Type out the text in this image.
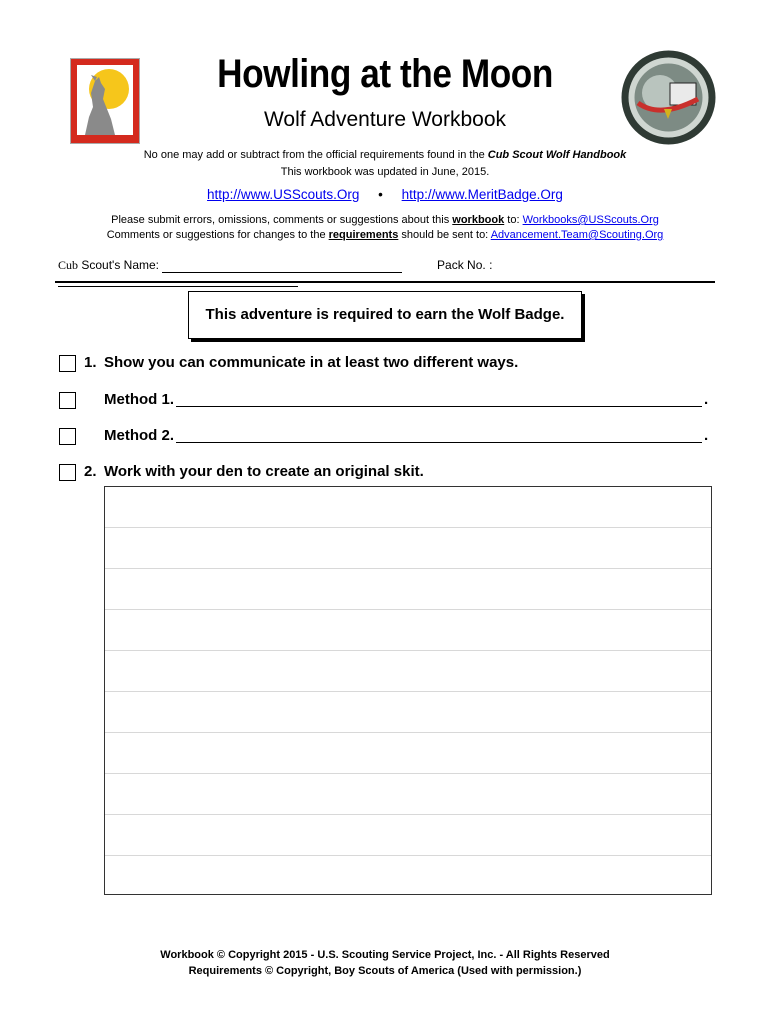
Howling at the Moon
Wolf Adventure Workbook
No one may add or subtract from the official requirements found in the Cub Scout Wolf Handbook
This workbook was updated in June, 2015.
http://www.USScouts.Org • http://www.MeritBadge.Org
Please submit errors, omissions, comments or suggestions about this workbook to: Workbooks@USScouts.Org
Comments or suggestions for changes to the requirements should be sent to: Advancement.Team@Scouting.Org
Cub Scout's Name:	Pack No. :
This adventure is required to earn the Wolf Badge.
1. Show you can communicate in at least two different ways.
Method 1.	.
Method 2.	.
2. Work with your den to create an original skit.
Workbook © Copyright 2015 - U.S. Scouting Service Project, Inc. - All Rights Reserved
Requirements © Copyright, Boy Scouts of America (Used with permission.)
